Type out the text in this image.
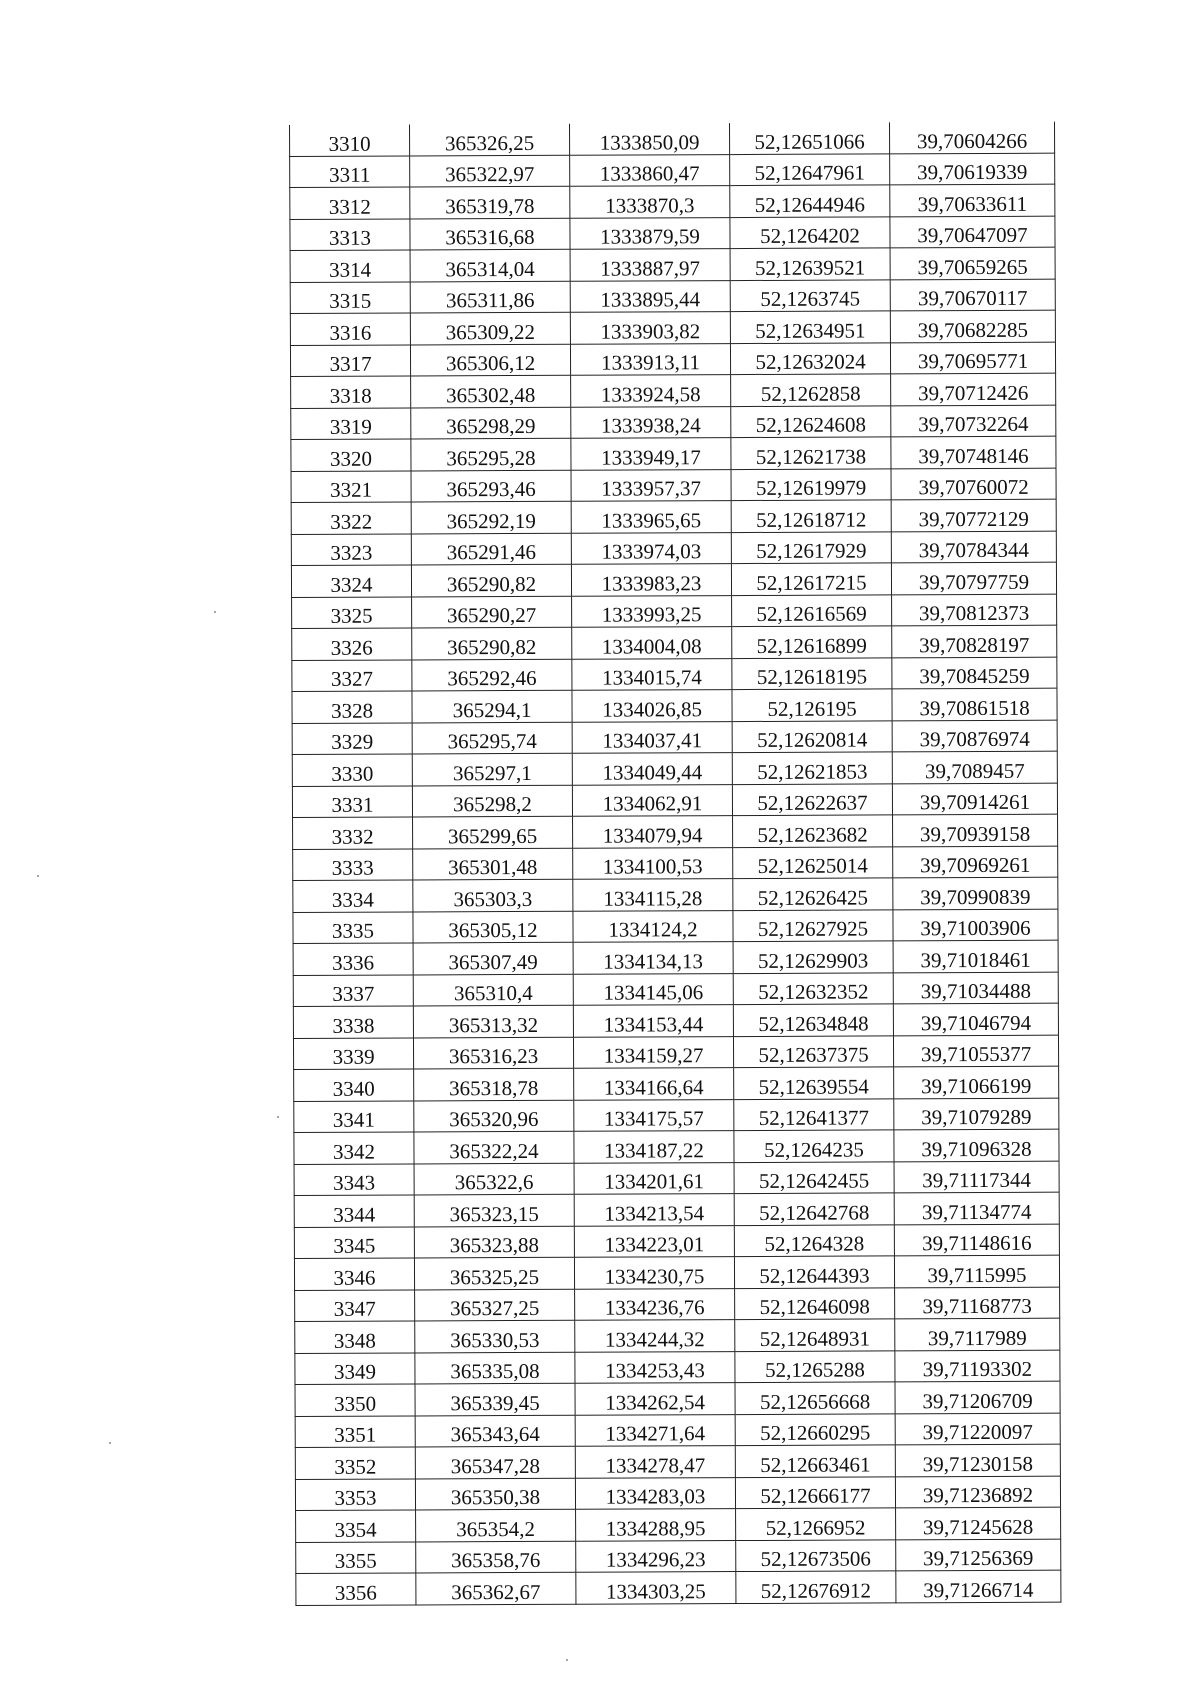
3310	365326,25	1333850,09	52,12651066	39,70604266
3311	365322,97	1333860,47	52,12647961	39,70619339
3312	365319,78	1333870,3	52,12644946	39,70633611
3313	365316,68	1333879,59	52,1264202	39,70647097
3314	365314,04	1333887,97	52,12639521	39,70659265
3315	365311,86	1333895,44	52,1263745	39,70670117
3316	365309,22	1333903,82	52,12634951	39,70682285
3317	365306,12	1333913,11	52,12632024	39,70695771
3318	365302,48	1333924,58	52,1262858	39,70712426
3319	365298,29	1333938,24	52,12624608	39,70732264
3320	365295,28	1333949,17	52,12621738	39,70748146
3321	365293,46	1333957,37	52,12619979	39,70760072
3322	365292,19	1333965,65	52,12618712	39,70772129
3323	365291,46	1333974,03	52,12617929	39,70784344
3324	365290,82	1333983,23	52,12617215	39,70797759
3325	365290,27	1333993,25	52,12616569	39,70812373
3326	365290,82	1334004,08	52,12616899	39,70828197
3327	365292,46	1334015,74	52,12618195	39,70845259
3328	365294,1	1334026,85	52,126195	39,70861518
3329	365295,74	1334037,41	52,12620814	39,70876974
3330	365297,1	1334049,44	52,12621853	39,7089457
3331	365298,2	1334062,91	52,12622637	39,70914261
3332	365299,65	1334079,94	52,12623682	39,70939158
3333	365301,48	1334100,53	52,12625014	39,70969261
3334	365303,3	1334115,28	52,12626425	39,70990839
3335	365305,12	1334124,2	52,12627925	39,71003906
3336	365307,49	1334134,13	52,12629903	39,71018461
3337	365310,4	1334145,06	52,12632352	39,71034488
3338	365313,32	1334153,44	52,12634848	39,71046794
3339	365316,23	1334159,27	52,12637375	39,71055377
3340	365318,78	1334166,64	52,12639554	39,71066199
3341	365320,96	1334175,57	52,12641377	39,71079289
3342	365322,24	1334187,22	52,1264235	39,71096328
3343	365322,6	1334201,61	52,12642455	39,71117344
3344	365323,15	1334213,54	52,12642768	39,71134774
3345	365323,88	1334223,01	52,1264328	39,71148616
3346	365325,25	1334230,75	52,12644393	39,7115995
3347	365327,25	1334236,76	52,12646098	39,71168773
3348	365330,53	1334244,32	52,12648931	39,7117989
3349	365335,08	1334253,43	52,1265288	39,71193302
3350	365339,45	1334262,54	52,12656668	39,71206709
3351	365343,64	1334271,64	52,12660295	39,71220097
3352	365347,28	1334278,47	52,12663461	39,71230158
3353	365350,38	1334283,03	52,12666177	39,71236892
3354	365354,2	1334288,95	52,1266952	39,71245628
3355	365358,76	1334296,23	52,12673506	39,71256369
3356	365362,67	1334303,25	52,12676912	39,71266714
